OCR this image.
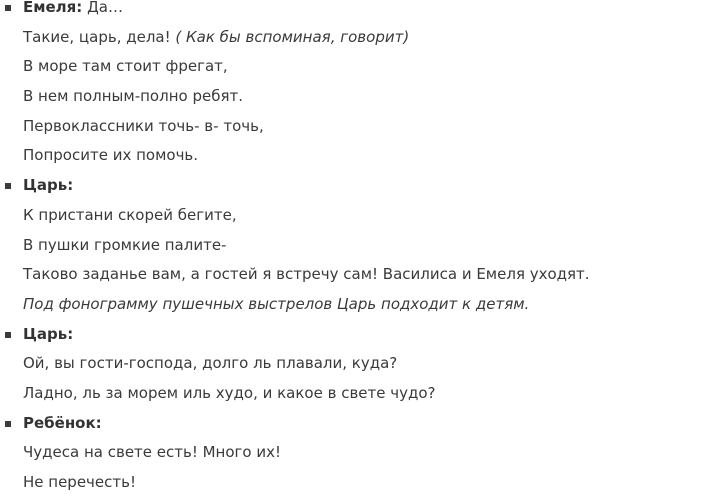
Емеля: Да…
Такие, царь, дела! ( Как бы вспоминая, говорит)
В море там стоит фрегат,
В нем полным-полно ребят.
Первоклассники точь- в- точь,
Попросите их помочь.
Царь:
К пристани скорей бегите,
В пушки громкие палите-
Таково заданье вам, а гостей я встречу сам! Василиса и Емеля уходят.
Под фонограмму пушечных выстрелов Царь подходит к детям.
Царь:
Ой, вы гости-господа, долго ль плавали, куда?
Ладно, ль за морем иль худо, и какое в свете чудо?
Ребёнок:
Чудеса на свете есть! Много их!
Не перечесть!
